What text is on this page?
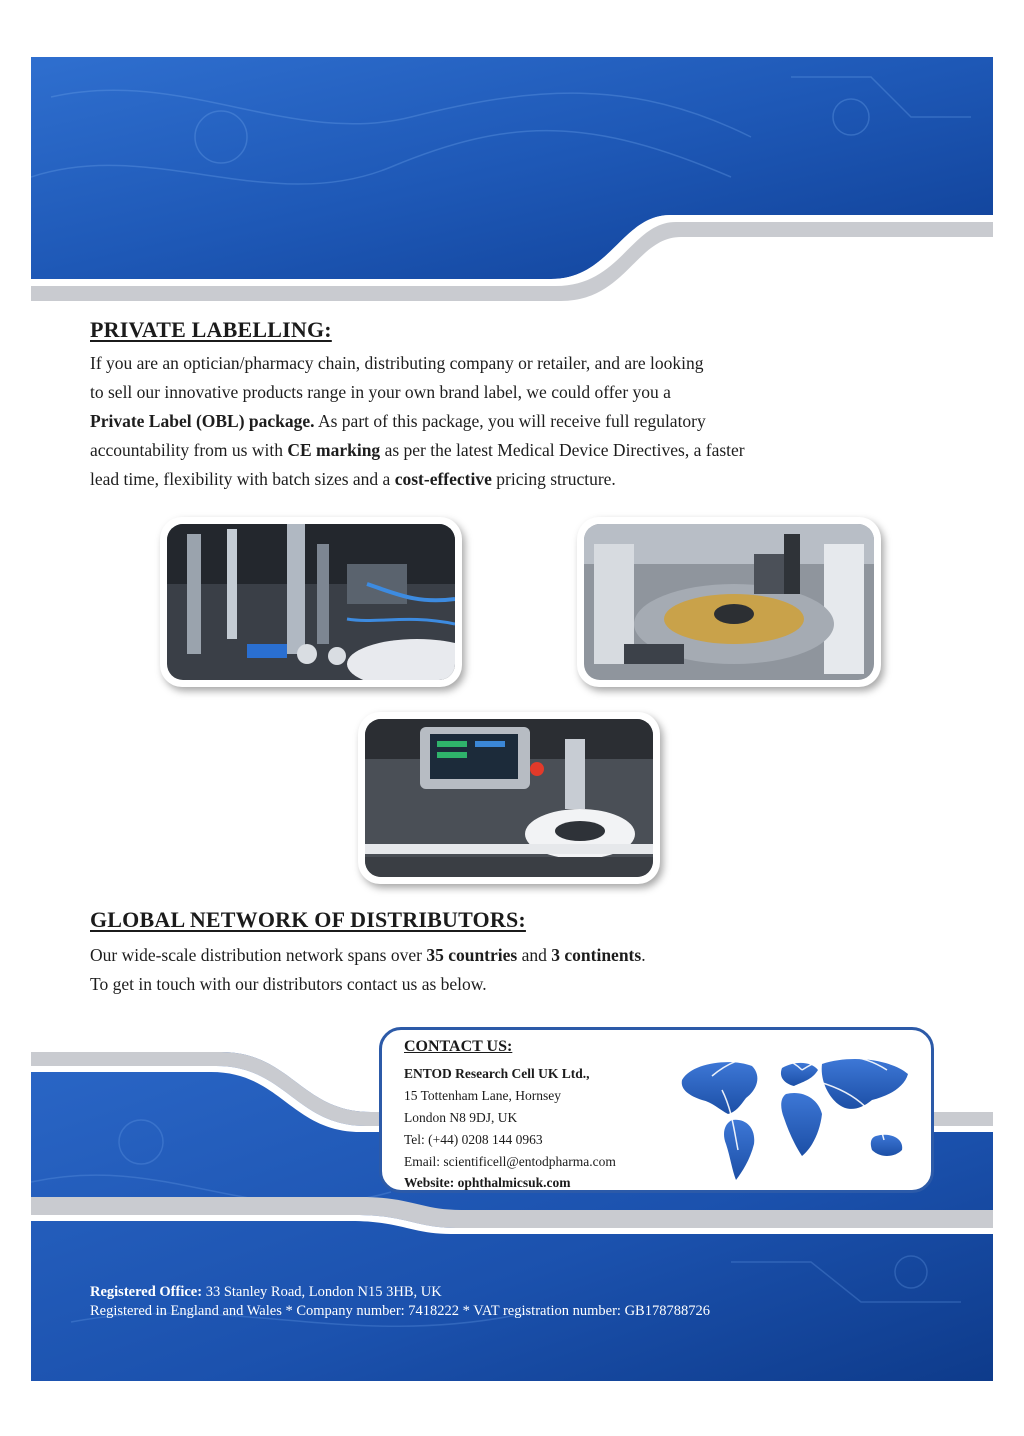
PRIVATE LABELLING:
If you are an optician/pharmacy chain, distributing company or retailer, and are looking
to sell our innovative products range in your own brand label, we could offer you a
Private Label (OBL) package. As part of this package, you will receive full regulatory
accountability from us with CE marking as per the latest Medical Device Directives, a faster
lead time, flexibility with batch sizes and a cost-effective pricing structure.
GLOBAL NETWORK OF DISTRIBUTORS:
Our wide-scale distribution network spans over 35 countries and 3 continents.
To get in touch with our distributors contact us as below.
CONTACT US:
ENTOD Research Cell UK Ltd.,
15 Tottenham Lane, Hornsey
London N8 9DJ, UK
Tel: (+44) 0208 144 0963
Email: scientificell@entodpharma.com
Website: ophthalmicsuk.com
Registered Office: 33 Stanley Road, London N15 3HB, UK
Registered in England and Wales * Company number: 7418222 * VAT registration number: GB178788726
